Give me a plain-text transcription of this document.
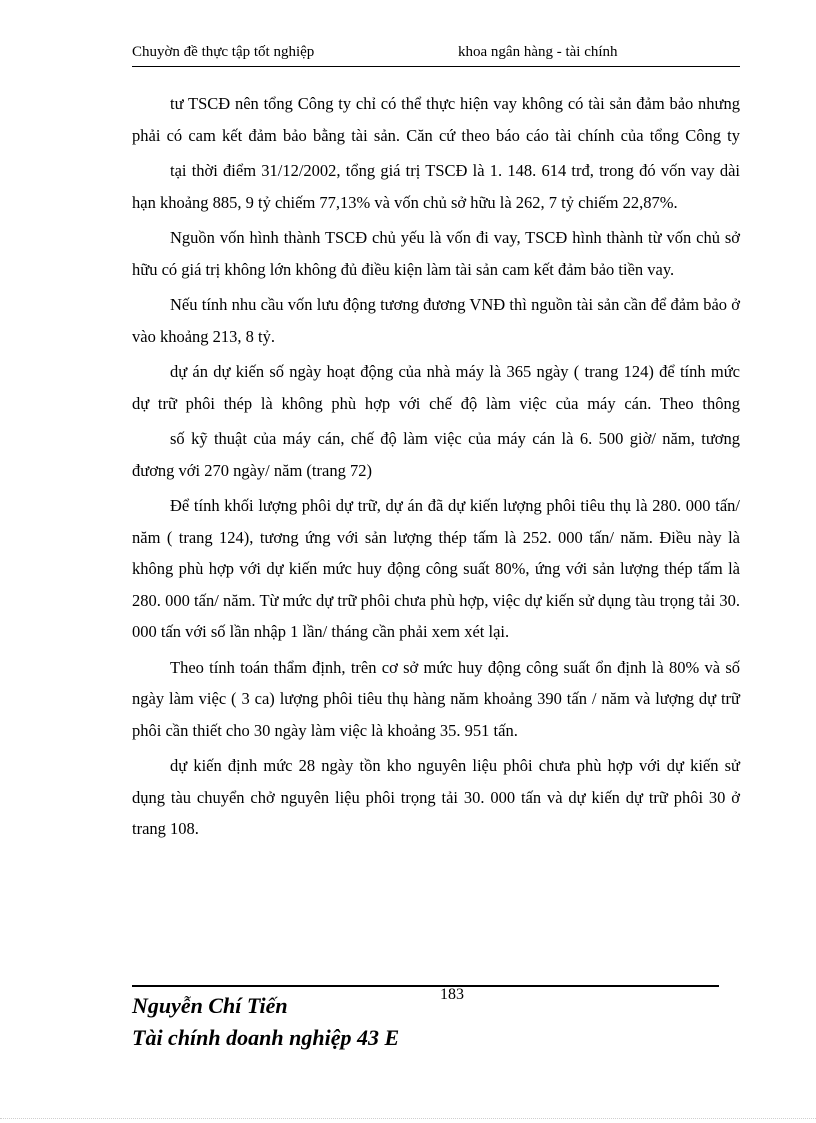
Chuyờn đề thực tập tốt nghiệp	khoa ngân hàng - tài chính

tư TSCĐ nên tổng Công ty chỉ có thể thực hiện vay không có tài sản đảm bảo nhưng phải có cam kết đảm bảo bằng tài sản. Căn cứ theo báo cáo tài chính của tổng Công ty

tại thời điểm 31/12/2002, tổng giá trị TSCĐ là 1. 148. 614 trđ, trong đó vốn vay dài hạn khoảng 885, 9 tỷ chiếm 77,13% và vốn chủ sở hữu là 262, 7 tỷ chiếm 22,87%.

Nguồn vốn hình thành TSCĐ chủ yếu là vốn đi vay, TSCĐ hình thành từ vốn chủ sở hữu có giá trị không lớn không đủ điều kiện làm tài sản cam kết đảm bảo tiền vay.

Nếu tính nhu cầu vốn lưu động tương đương VNĐ thì nguồn tài sản cần để đảm bảo ở vào khoảng 213, 8 tỷ.

dự án dự kiến số ngày hoạt động của nhà máy là 365 ngày ( trang 124) để tính mức dự trữ phôi thép là không phù hợp với chế độ làm việc của máy cán. Theo thông

số kỹ thuật của máy cán, chế độ làm việc của máy cán là 6. 500 giờ/ năm, tương đương với 270 ngày/ năm (trang 72)

Để tính khối lượng phôi dự trữ, dự án đã dự kiến lượng phôi tiêu thụ là 280. 000 tấn/ năm ( trang 124), tương ứng với sản lượng thép tấm là 252. 000 tấn/ năm. Điều này là không phù hợp với dự kiến mức huy động công suất 80%, ứng với sản lượng thép tấm là 280. 000 tấn/ năm. Từ mức dự trữ phôi chưa phù hợp, việc dự kiến sử dụng tàu trọng tải 30. 000 tấn với số lần nhập 1 lần/ tháng cần phải xem xét lại.

Theo tính toán thẩm định, trên cơ sở mức huy động công suất ổn định là 80% và số ngày làm việc ( 3 ca) lượng phôi tiêu thụ hàng năm khoảng 390 tấn / năm và lượng dự trữ phôi cần thiết cho 30 ngày làm việc là khoảng 35. 951 tấn.

dự kiến định mức 28 ngày tồn kho nguyên liệu phôi chưa phù hợp với dự kiến sử dụng tàu chuyển chở nguyên liệu phôi trọng tải 30. 000 tấn và dự kiến dự trữ phôi 30 ở trang 108.

183
Nguyễn Chí Tiến
Tài chính doanh nghiệp 43 E
